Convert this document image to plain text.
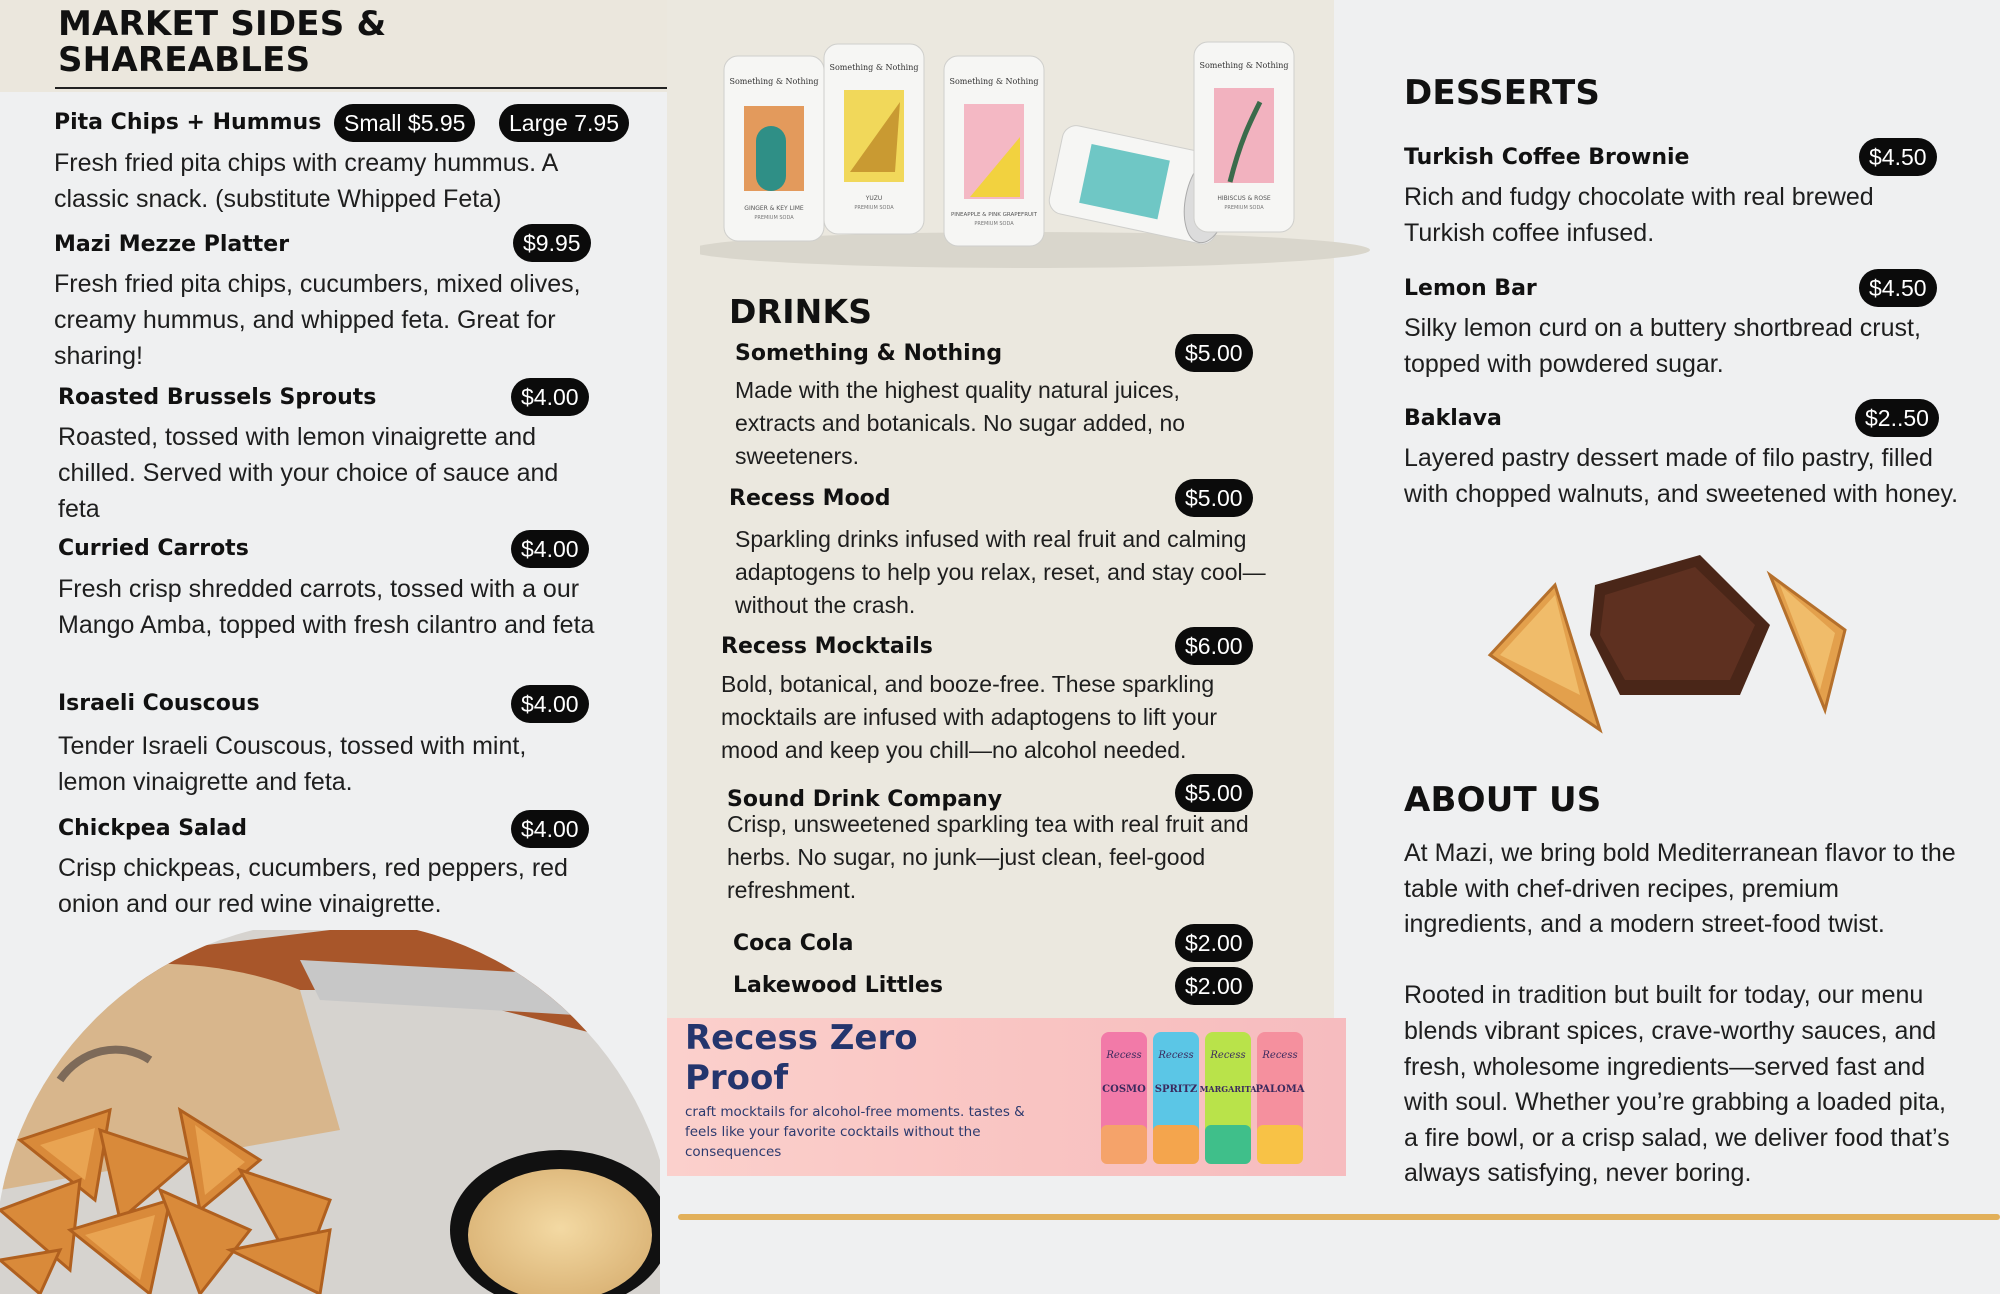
MARKET SIDES &
SHAREABLES
Pita Chips + Hummus Small $5.95	Large 7.95
Fresh fried pita chips with creamy hummus. A classic snack. (substitute Whipped Feta)
Mazi Mezze Platter	$9.95
Fresh fried pita chips, cucumbers, mixed olives, creamy hummus, and whipped feta. Great for sharing!
Roasted Brussels Sprouts	$4.00
Roasted, tossed with lemon vinaigrette and chilled. Served with your choice of sauce and feta
Curried Carrots	$4.00
Fresh crisp shredded carrots, tossed with a our Mango Amba, topped with fresh cilantro and feta
Israeli Couscous	$4.00
Tender Israeli Couscous, tossed with mint, lemon vinaigrette and feta.
Chickpea Salad	$4.00
Crisp chickpeas, cucumbers, red peppers, red onion and our red wine vinaigrette.
Something & Nothing
GINGER & KEY LIME
PREMIUM SODA
Something & Nothing
YUZU
PREMIUM SODA
Something & Nothing
PINEAPPLE & PINK GRAPEFRUIT
PREMIUM SODA
Something & Nothing
HIBISCUS & ROSE
PREMIUM SODA
DRINKS
Something & Nothing	$5.00
Made with the highest quality natural juices, extracts and botanicals. No sugar added, no sweeteners.
Recess Mood	$5.00
Sparkling drinks infused with real fruit and calming adaptogens to help you relax, reset, and stay cool—without the crash.
Recess Mocktails	$6.00
Bold, botanical, and booze-free. These sparkling mocktails are infused with adaptogens to lift your mood and keep you chill—no alcohol needed.
Sound Drink Company	$5.00
Crisp, unsweetened sparkling tea with real fruit and herbs. No sugar, no junk—just clean, feel-good refreshment.
Coca Cola	$2.00
Lakewood Littles	$2.00
Recess Zero
Proof
craft mocktails for alcohol-free moments. tastes & feels like your favorite cocktails without the consequences
Recess
COSMO
Recess
SPRITZ
Recess
MARGARITA
Recess
PALOMA
DESSERTS
Turkish Coffee Brownie	$4.50
Rich and fudgy chocolate with real brewed Turkish coffee infused.
Lemon Bar	$4.50
Silky lemon curd on a buttery shortbread crust, topped with powdered sugar.
Baklava	$2..50
Layered pastry dessert made of filo pastry, filled with chopped walnuts, and sweetened with honey.
ABOUT US

At Mazi, we bring bold Mediterranean flavor to the table with chef-driven recipes, premium ingredients, and a modern street-food twist.

Rooted in tradition but built for today, our menu blends vibrant spices, crave-worthy sauces, and fresh, wholesome ingredients—served fast and with soul. Whether you’re grabbing a loaded pita, a fire bowl, or a crisp salad, we deliver food that’s always satisfying, never boring.
